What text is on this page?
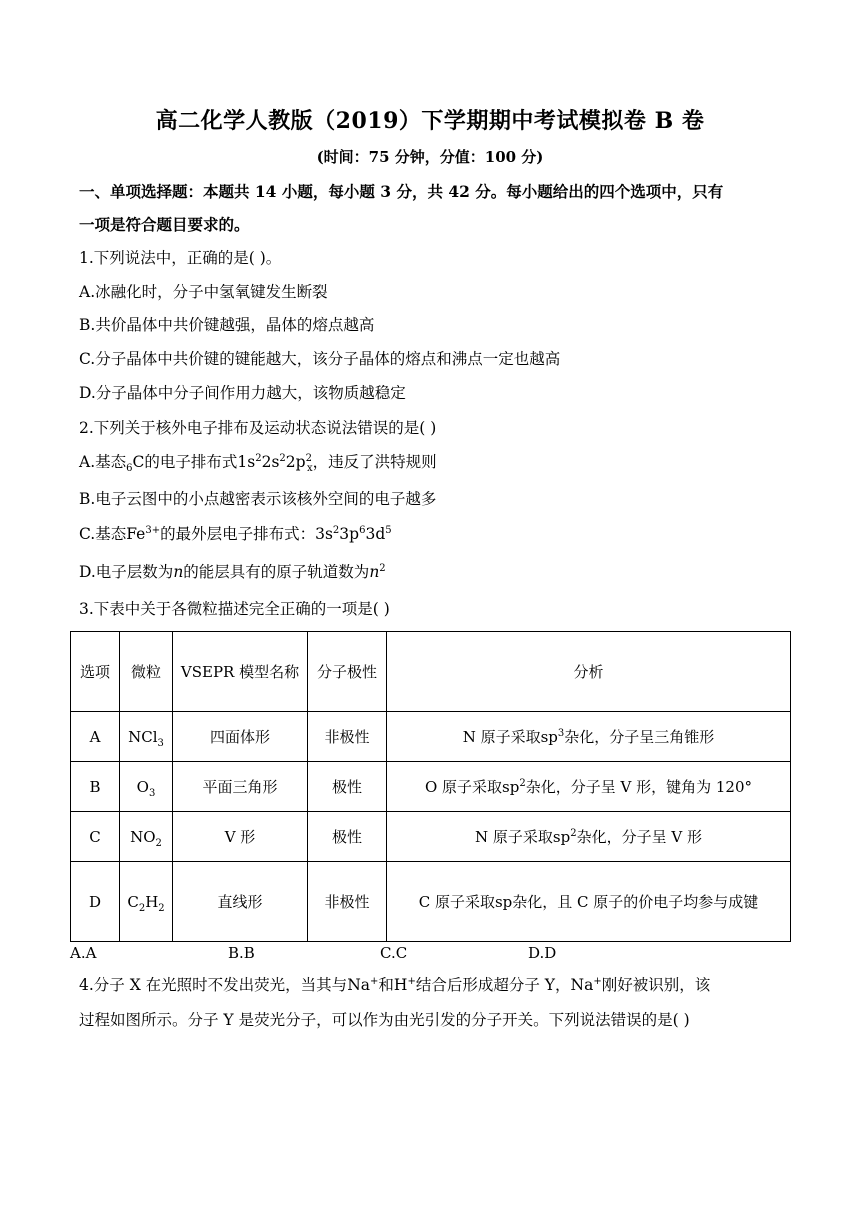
高二化学人教版（2019）下学期期中考试模拟卷 B 卷
(时间：75 分钟，分值：100 分)
一、单项选择题：本题共 14 小题，每小题 3 分，共 42 分。每小题给出的四个选项中，只有
一项是符合题目要求的。
1.下列说法中，正确的是( )。
A.冰融化时，分子中氢氧键发生断裂
B.共价晶体中共价键越强，晶体的熔点越高
C.分子晶体中共价键的键能越大，该分子晶体的熔点和沸点一定也越高
D.分子晶体中分子间作用力越大，该物质越稳定
2.下列关于核外电子排布及运动状态说法错误的是( )
A.基态$_6$C的电子排布式$1s^22s^22p^2_x$，违反了洪特规则
B.电子云图中的小点越密表示该核外空间的电子越多
C.基态$Fe^{3+}$的最外层电子排布式：$3s^23p^63d^5$
D.电子层数为n的能层具有的原子轨道数为$n^2$
3.下表中关于各微粒描述完全正确的一项是( )
选项	微粒	VSEPR 模型名称	分子极性	分析
A	NCl$_3$	四面体形	非极性	N 原子采取$sp^3$杂化，分子呈三角锥形
B	$O_3$	平面三角形	极性	O 原子采取$sp^2$杂化，分子呈 V 形，键角为 120°
C	$NO_2$	V 形	极性	N 原子采取$sp^2$杂化，分子呈 V 形
D	$C_2H_2$	直线形	非极性	C 原子采取sp杂化，且 C 原子的价电子均参与成键
A.A	B.B	C.C	D.D
4.分子 X 在光照时不发出荧光，当其与Na+和H+结合后形成超分子 Y，Na+刚好被识别，该
过程如图所示。分子 Y 是荧光分子，可以作为由光引发的分子开关。下列说法错误的是( )
